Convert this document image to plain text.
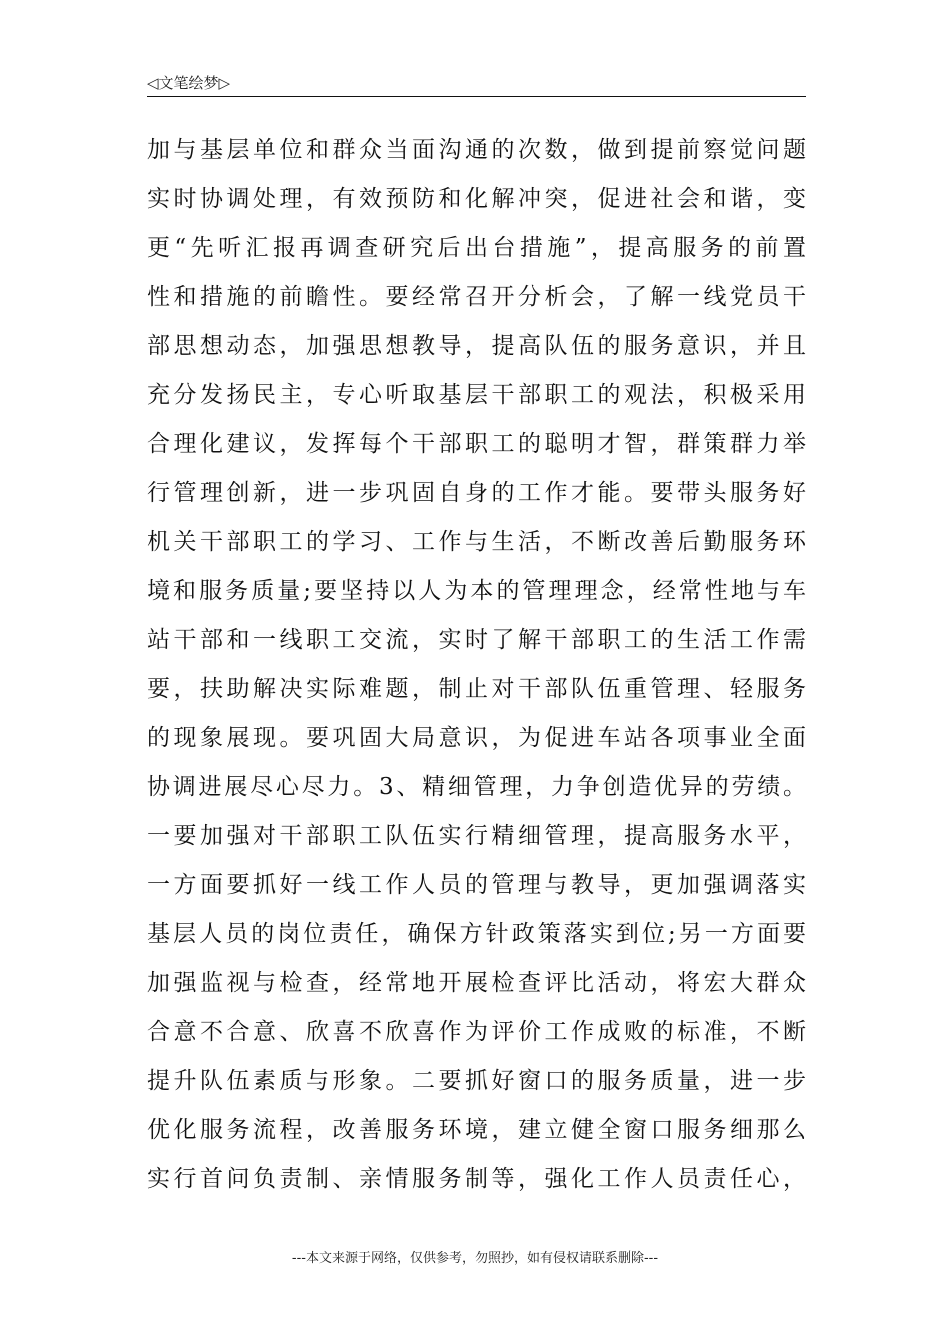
◁文笔绘梦▷
加与基层单位和群众当面沟通的次数，做到提前察觉问题
实时协调处理，有效预防和化解冲突，促进社会和谐，变
更“先听汇报再调查研究后出台措施”，提高服务的前置
性和措施的前瞻性。要经常召开分析会，了解一线党员干
部思想动态，加强思想教导，提高队伍的服务意识，并且
充分发扬民主，专心听取基层干部职工的观法，积极采用
合理化建议，发挥每个干部职工的聪明才智，群策群力举
行管理创新，进一步巩固自身的工作才能。要带头服务好
机关干部职工的学习、工作与生活，不断改善后勤服务环
境和服务质量;要坚持以人为本的管理理念，经常性地与车
站干部和一线职工交流，实时了解干部职工的生活工作需
要，扶助解决实际难题，制止对干部队伍重管理、轻服务
的现象展现。要巩固大局意识，为促进车站各项事业全面
协调进展尽心尽力。3、精细管理，力争创造优异的劳绩。
一要加强对干部职工队伍实行精细管理，提高服务水平，
一方面要抓好一线工作人员的管理与教导，更加强调落实
基层人员的岗位责任，确保方针政策落实到位;另一方面要
加强监视与检查，经常地开展检查评比活动，将宏大群众
合意不合意、欣喜不欣喜作为评价工作成败的标准，不断
提升队伍素质与形象。二要抓好窗口的服务质量，进一步
优化服务流程，改善服务环境，建立健全窗口服务细那么
实行首问负责制、亲情服务制等，强化工作人员责任心，
---本文来源于网络，仅供参考，勿照抄，如有侵权请联系删除---
